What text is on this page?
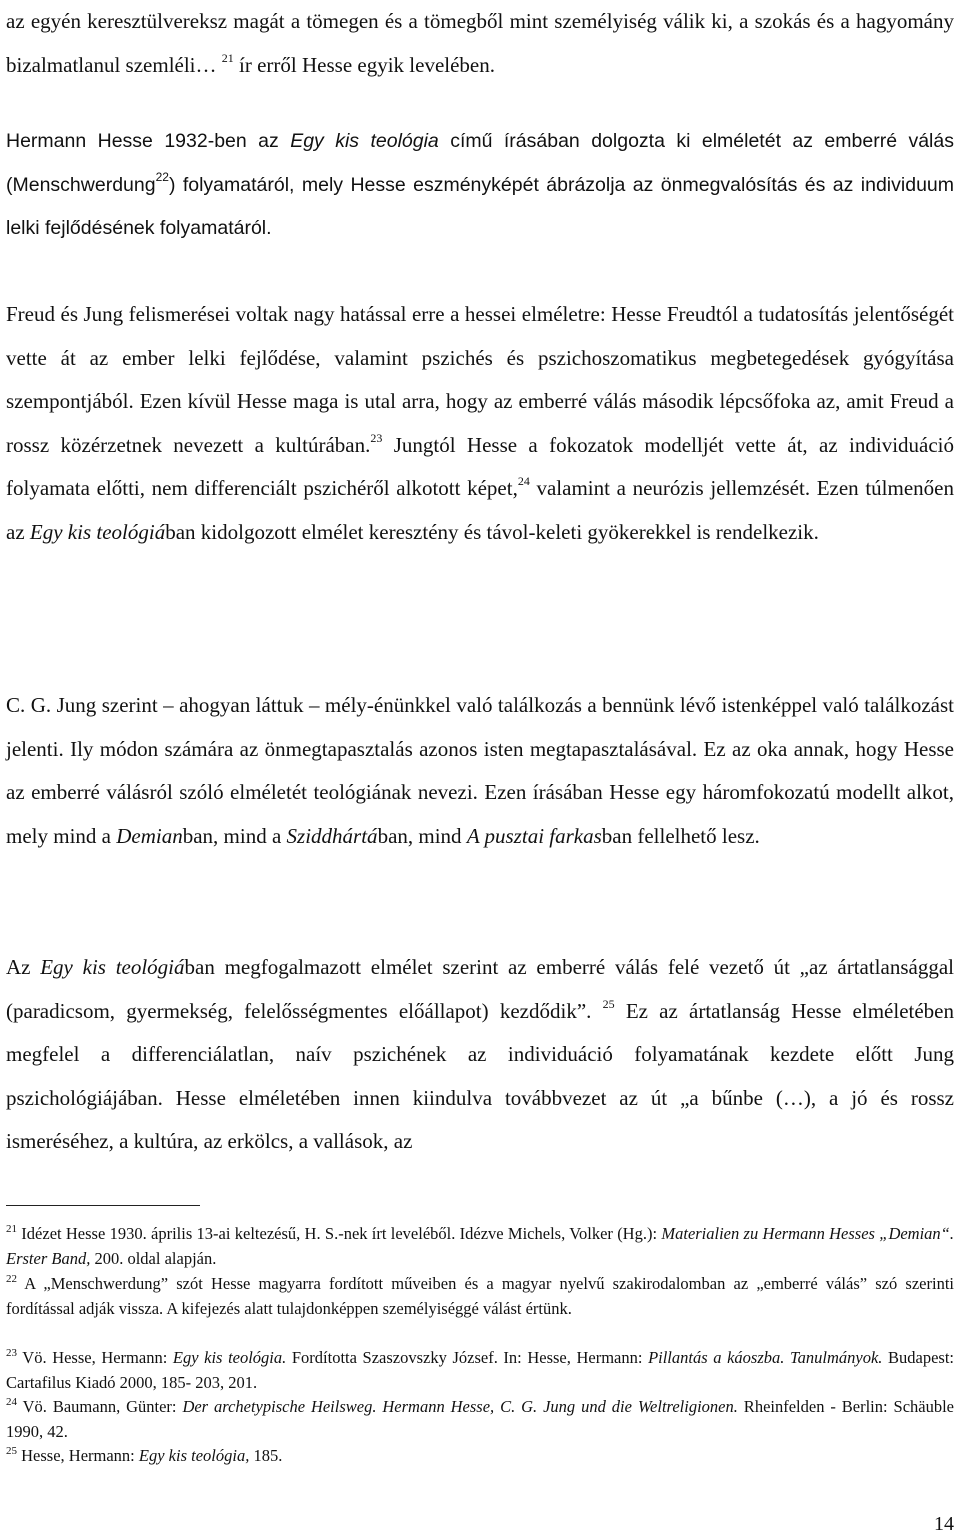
az egyén keresztülvereksz magát a tömegen és a tömegből mint személyiség válik ki, a szokás és a hagyomány bizalmatlanul szemléli… $^{21}$ ír erről Hesse egyik levelében.

Hermann Hesse 1932-ben az Egy kis teológia című írásában dolgozta ki elméletét az emberré válás (Menschwerdung$^{22}$) folyamatáról, mely Hesse eszményképét ábrázolja az önmegvalósítás és az individuum lelki fejlődésének folyamatáról.

Freud és Jung felismerései voltak nagy hatással erre a hessei elméletre: Hesse Freudtól a tudatosítás jelentőségét vette át az ember lelki fejlődése, valamint pszichés és pszichoszomatikus megbetegedések gyógyítása szempontjából. Ezen kívül Hesse maga is utal arra, hogy az emberré válás második lépcsőfoka az, amit Freud a rossz közérzetnek nevezett a kultúrában.$^{23}$ Jungtól Hesse a fokozatok modelljét vette át, az individuáció folyamata előtti, nem differenciált pszichéről alkotott képet,$^{24}$ valamint a neurózis jellemzését. Ezen túlmenően az Egy kis teológiában kidolgozott elmélet keresztény és távol-keleti gyökerekkel is rendelkezik.

C. G. Jung szerint – ahogyan láttuk – mély-énünkkel való találkozás a bennünk lévő istenképpel való találkozást jelenti. Ily módon számára az önmegtapasztalás azonos isten megtapasztalásával. Ez az oka annak, hogy Hesse az emberré válásról szóló elméletét teológiának nevezi. Ezen írásában Hesse egy háromfokozatú modellt alkot, mely mind a Demianban, mind a Sziddhártában, mind A pusztai farkasban fellelhető lesz.

Az Egy kis teológiában megfogalmazott elmélet szerint az emberré válás felé vezető út „az ártatlansággal (paradicsom, gyermekség, felelősségmentes előállapot) kezdődik”. $^{25}$ Ez az ártatlanság Hesse elméletében megfelel a differenciálatlan, naív pszichének az individuáció folyamatának kezdete előtt Jung pszichológiájában. Hesse elméletében innen kiindulva továbbvezet az út „a bűnbe (…), a jó és rossz ismeréséhez, a kultúra, az erkölcs, a vallások, az

$^{21}$ Idézet Hesse 1930. április 13-ai keltezésű, H. S.-nek írt leveléből. Idézve Michels, Volker (Hg.): Materialien zu Hermann Hesses „Demian“. Erster Band, 200. oldal alapján.

$^{22}$ A „Menschwerdung” szót Hesse magyarra fordított műveiben és a magyar nyelvű szakirodalomban az „emberré válás” szó szerinti fordítással adják vissza. A kifejezés alatt tulajdonképpen személyiséggé válást értünk.

$^{23}$ Vö. Hesse, Hermann: Egy kis teológia. Fordította Szaszovszky József. In: Hesse, Hermann: Pillantás a káoszba. Tanulmányok. Budapest: Cartafilus Kiadó 2000, 185- 203, 201.

$^{24}$ Vö. Baumann, Günter: Der archetypische Heilsweg. Hermann Hesse, C. G. Jung und die Weltreligionen. Rheinfelden - Berlin: Schäuble 1990, 42.

$^{25}$ Hesse, Hermann: Egy kis teológia, 185.

14
